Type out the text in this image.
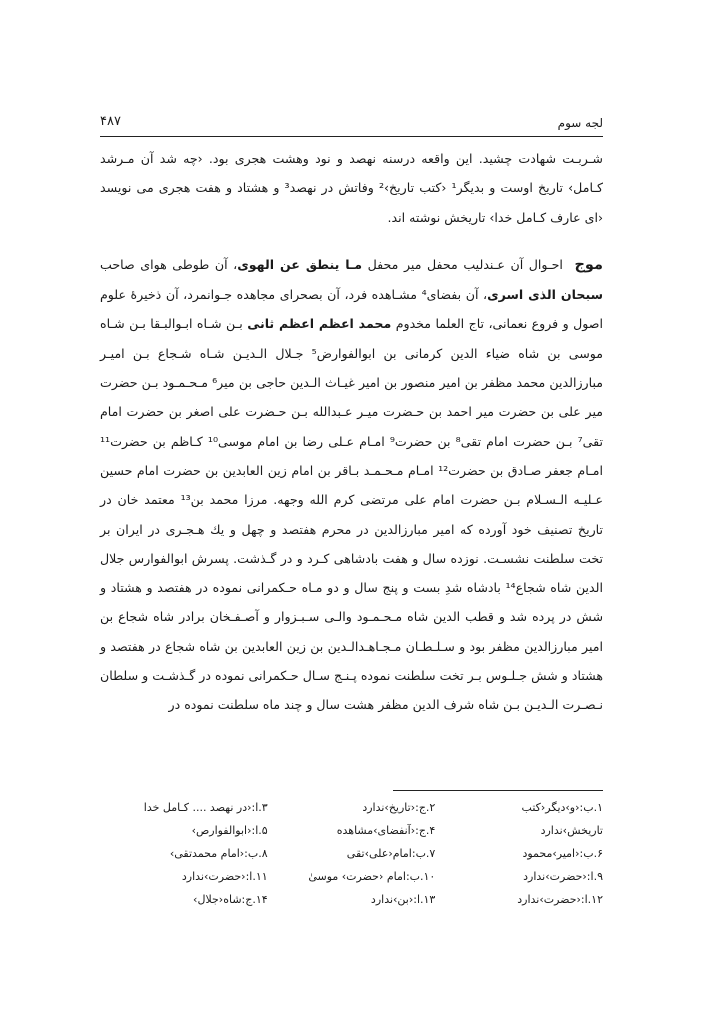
لجه سوم
۴۸۷

شـربـت شهادت چشید. این واقعه درسنه نهصد و نود وهشت هجری بود. ‹چه شد آن مـرشد کـامل› تاریخ اوست و بدیگر¹ ‹کتب تاریخ›² وفاتش در نهصد³ و هشتاد و هفت هجری می نویسد ‹ای عارف کـامل خدا› تاریخش نوشته اند.

موج احـوال آن عـندلیب محفل میر محفل مـا ینطق عن الهوی، آن طوطی هوای صاحب سبحان الذی اسری، آن بفضای⁴ مشـاهده فرد، آن بصحرای مجاهده جـوانمرد، آن ذخیرهٔ علوم اصول و فروع نعمانی، تاج العلما مخدوم محمد اعظم اعظم ثانی بـن شـاه ابـوالبـقا بـن شـاه موسی بن شاه ضیاء الدین کرمانی بن ابوالفوارض⁵ جـلال الـدیـن شـاه شـجاع بـن امیـر مبارزالدین محمد مظفر بن امیر منصور بن امیر غیـاث الـدین حاجی بن میر⁶ مـحـمـود بـن حضرت میر علی بن حضرت میر احمد بن حـضرت میـر عـبدالله بـن حـضرت علی اصغر بن حضرت امام تقی⁷ بـن حضرت امام تقی⁸ بن حضرت⁹ امـام عـلی رضا بن امام موسی¹⁰ کـاظم بن حضرت¹¹ امـام جعفر صـادق بن حضرت¹² امـام مـحـمـد بـاقر بن امام زین العابدین بن حضرت امام حسین عـلیـه الـسـلام بـن حضرت امام علی مرتضی کرم الله وجهه. مرزا محمد بن¹³ معتمد خان در تاریخ تصنیف خود آورده که امیر مبارزالدین در محرم هفتصد و چهل و یك هـجـری در ایران بر تخت سلطنت نشسـت. نوزده سال و هفت بادشاهی کـرد و در گـذشت. پسرش ابوالفوارس جلال الدین شاه شجاع¹⁴ بادشاه شدِ بست و پنج سال و دو مـاه حـکمرانی نموده در هفتصد و هشتاد و شش در پرده شد و قطب الدین شاه مـحـمـود والـی سـبـزوار و آصـفـخان برادر شاه شجاع بن امیر مبارزالدین مظفر بود و سـلـطـان مـجـاهـدالـدین بن زین العابدین بن شاه شجاع در هفتصد و هشتاد و شش جـلـوس بـر تخت سلطنت نموده پـنـج سـال حـکمرانی نموده در گـذشـت و سلطان نـصـرت الـدیـن بـن شاه شرف الدین مظفر هشت سال و چند ماه سلطنت نموده در

۱.ب:‹و›دیگر‹کتب
۲.ج:‹تاریخ›ندارد
۳.ا:‹در نهصد .... کـامل خدا
تاریخش›ندارد
۴.ج:‹آنفضای›مشاهده
۵.ا:‹ابوالفوارص›
۶.ب:‹امیر›محمود
۷.ب:امام‹علی›تقی
۸.ب:‹امام محمدتقی›
۹.ا:‹حضرت›ندارد
۱۰.ب:امام ‹حضرت› موسیٰ
۱۱.ا:‹حضرت›ندارد
۱۲.ا:‹حضرت›ندارد
۱۳.ا:‹بن›ندارد
۱۴.ج:شاه‹جلال›
